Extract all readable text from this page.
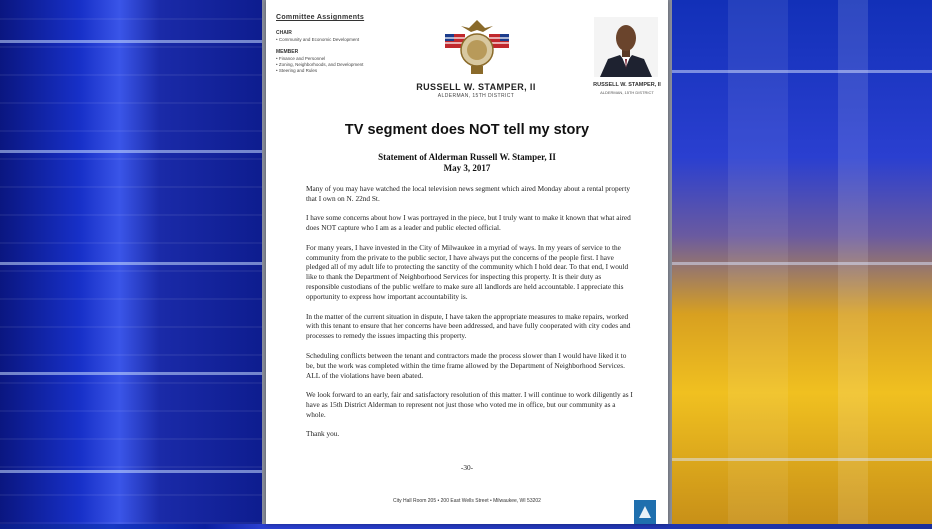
Committee Assignments
CHAIR
• Community and Economic Development
MEMBER
• Finance and Personnel
• Zoning, Neighborhoods, and Development
• Steering and Rules
RUSSELL W. STAMPER, II
ALDERMAN, 15TH DISTRICT
RUSSELL W. STAMPER, II
ALDERMAN, 15TH DISTRICT
TV segment does NOT tell my story
Statement of Alderman Russell W. Stamper, II
May 3, 2017

Many of you may have watched the local television news segment which aired Monday about a rental property that I own on N. 22nd St.

I have some concerns about how I was portrayed in the piece, but I truly want to make it known that what aired does NOT capture who I am as a leader and public elected official.

For many years, I have invested in the City of Milwaukee in a myriad of ways. In my years of service to the community from the private to the public sector, I have always put the concerns of the people first. I have pledged all of my adult life to protecting the sanctity of the community which I hold dear. To that end, I would like to thank the Department of Neighborhood Services for inspecting this property. It is their duty as responsible custodians of the public welfare to make sure all landlords are held accountable. I appreciate this opportunity to express how important accountability is.

In the matter of the current situation in dispute, I have taken the appropriate measures to make repairs, worked with this tenant to ensure that her concerns have been addressed, and have fully cooperated with city codes and processes to remedy the issues impacting this property.

Scheduling conflicts between the tenant and contractors made the process slower than I would have liked it to be, but the work was completed within the time frame allowed by the Department of Neighborhood Services. ALL of the violations have been abated.

We look forward to an early, fair and satisfactory resolution of this matter. I will continue to work diligently as I have as 15th District Alderman to represent not just those who voted me in office, but our community as a whole.

Thank you.

-30-
City Hall Room 205 • 200 East Wells Street • Milwaukee, WI 53202
